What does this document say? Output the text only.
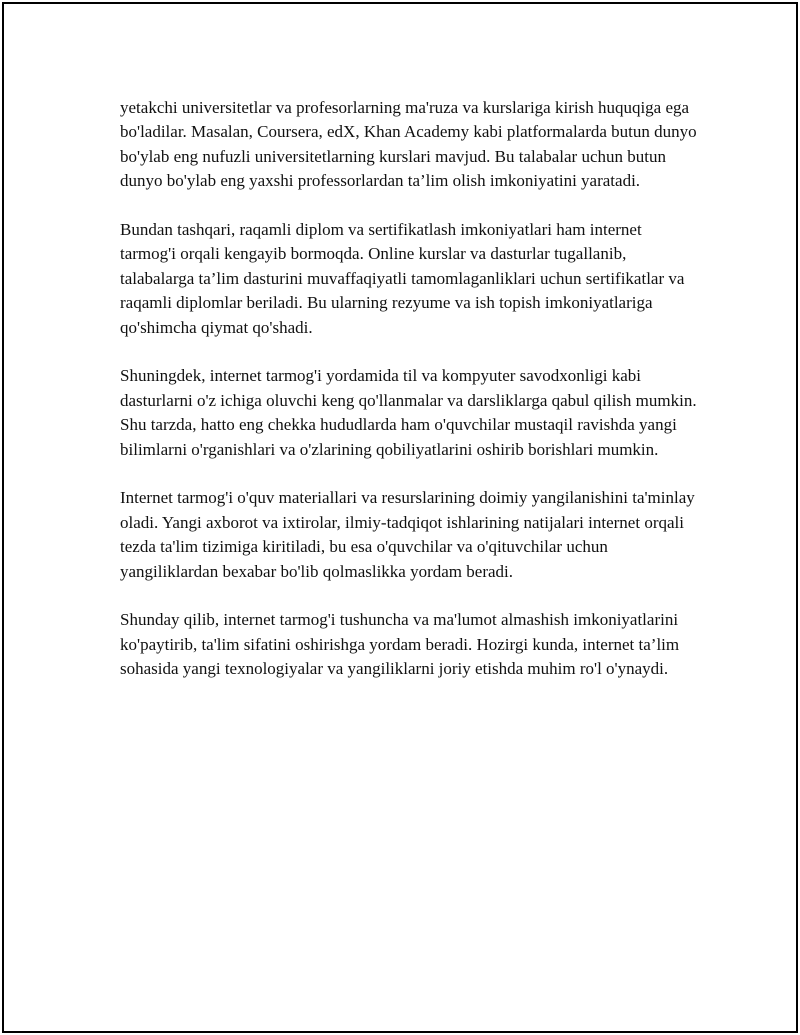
yetakchi universitetlar va profesorlarning ma'ruza va kurslariga kirish huquqiga ega bo'ladilar. Masalan, Coursera, edX, Khan Academy kabi platformalarda butun dunyo bo'ylab eng nufuzli universitetlarning kurslari mavjud. Bu talabalar uchun butun dunyo bo'ylab eng yaxshi professorlardan ta’lim olish imkoniyatini yaratadi.

Bundan tashqari, raqamli diplom va sertifikatlash imkoniyatlari ham internet tarmog'i orqali kengayib bormoqda. Online kurslar va dasturlar tugallanib, talabalarga ta’lim dasturini muvaffaqiyatli tamomlaganliklari uchun sertifikatlar va raqamli diplomlar beriladi. Bu ularning rezyume va ish topish imkoniyatlariga qo'shimcha qiymat qo'shadi.

Shuningdek, internet tarmog'i yordamida til va kompyuter savodxonligi kabi dasturlarni o'z ichiga oluvchi keng qo'llanmalar va darsliklarga qabul qilish mumkin. Shu tarzda, hatto eng chekka hududlarda ham o'quvchilar mustaqil ravishda yangi bilimlarni o'rganishlari va o'zlarining qobiliyatlarini oshirib borishlari mumkin.

Internet tarmog'i o'quv materiallari va resurslarining doimiy yangilanishini ta'minlay oladi. Yangi axborot va ixtirolar, ilmiy-tadqiqot ishlarining natijalari internet orqali tezda ta'lim tizimiga kiritiladi, bu esa o'quvchilar va o'qituvchilar uchun yangiliklardan bexabar bo'lib qolmaslikka yordam beradi.

Shunday qilib, internet tarmog'i tushuncha va ma'lumot almashish imkoniyatlarini ko'paytirib, ta'lim sifatini oshirishga yordam beradi. Hozirgi kunda, internet ta’lim sohasida yangi texnologiyalar va yangiliklarni joriy etishda muhim ro'l o'ynaydi.
